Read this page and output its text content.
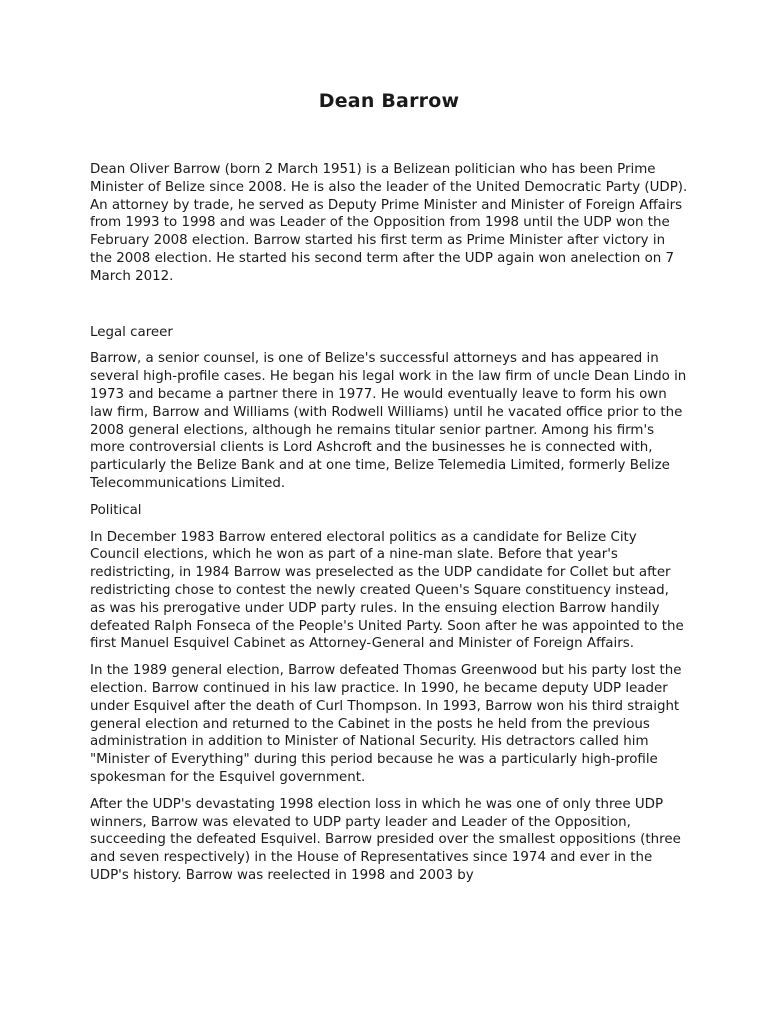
Dean Barrow

Dean Oliver Barrow (born 2 March 1951) is a Belizean politician who has been Prime Minister of Belize since 2008. He is also the leader of the United Democratic Party (UDP). An attorney by trade, he served as Deputy Prime Minister and Minister of Foreign Affairs from 1993 to 1998 and was Leader of the Opposition from 1998 until the UDP won the February 2008 election. Barrow started his first term as Prime Minister after victory in the 2008 election. He started his second term after the UDP again won anelection on 7 March 2012.

Legal career

Barrow, a senior counsel, is one of Belize's successful attorneys and has appeared in several high-profile cases. He began his legal work in the law firm of uncle Dean Lindo in 1973 and became a partner there in 1977. He would eventually leave to form his own law firm, Barrow and Williams (with Rodwell Williams) until he vacated office prior to the 2008 general elections, although he remains titular senior partner. Among his firm's more controversial clients is Lord Ashcroft and the businesses he is connected with, particularly the Belize Bank and at one time, Belize Telemedia Limited, formerly Belize Telecommunications Limited.

Political

In December 1983 Barrow entered electoral politics as a candidate for Belize City Council elections, which he won as part of a nine-man slate. Before that year's redistricting, in 1984 Barrow was preselected as the UDP candidate for Collet but after redistricting chose to contest the newly created Queen's Square constituency instead, as was his prerogative under UDP party rules. In the ensuing election Barrow handily defeated Ralph Fonseca of the People's United Party. Soon after he was appointed to the first Manuel Esquivel Cabinet as Attorney-General and Minister of Foreign Affairs.

In the 1989 general election, Barrow defeated Thomas Greenwood but his party lost the election. Barrow continued in his law practice. In 1990, he became deputy UDP leader under Esquivel after the death of Curl Thompson. In 1993, Barrow won his third straight general election and returned to the Cabinet in the posts he held from the previous administration in addition to Minister of National Security. His detractors called him "Minister of Everything" during this period because he was a particularly high-profile spokesman for the Esquivel government.

After the UDP's devastating 1998 election loss in which he was one of only three UDP winners, Barrow was elevated to UDP party leader and Leader of the Opposition, succeeding the defeated Esquivel. Barrow presided over the smallest oppositions (three and seven respectively) in the House of Representatives since 1974 and ever in the UDP's history. Barrow was reelected in 1998 and 2003 by
